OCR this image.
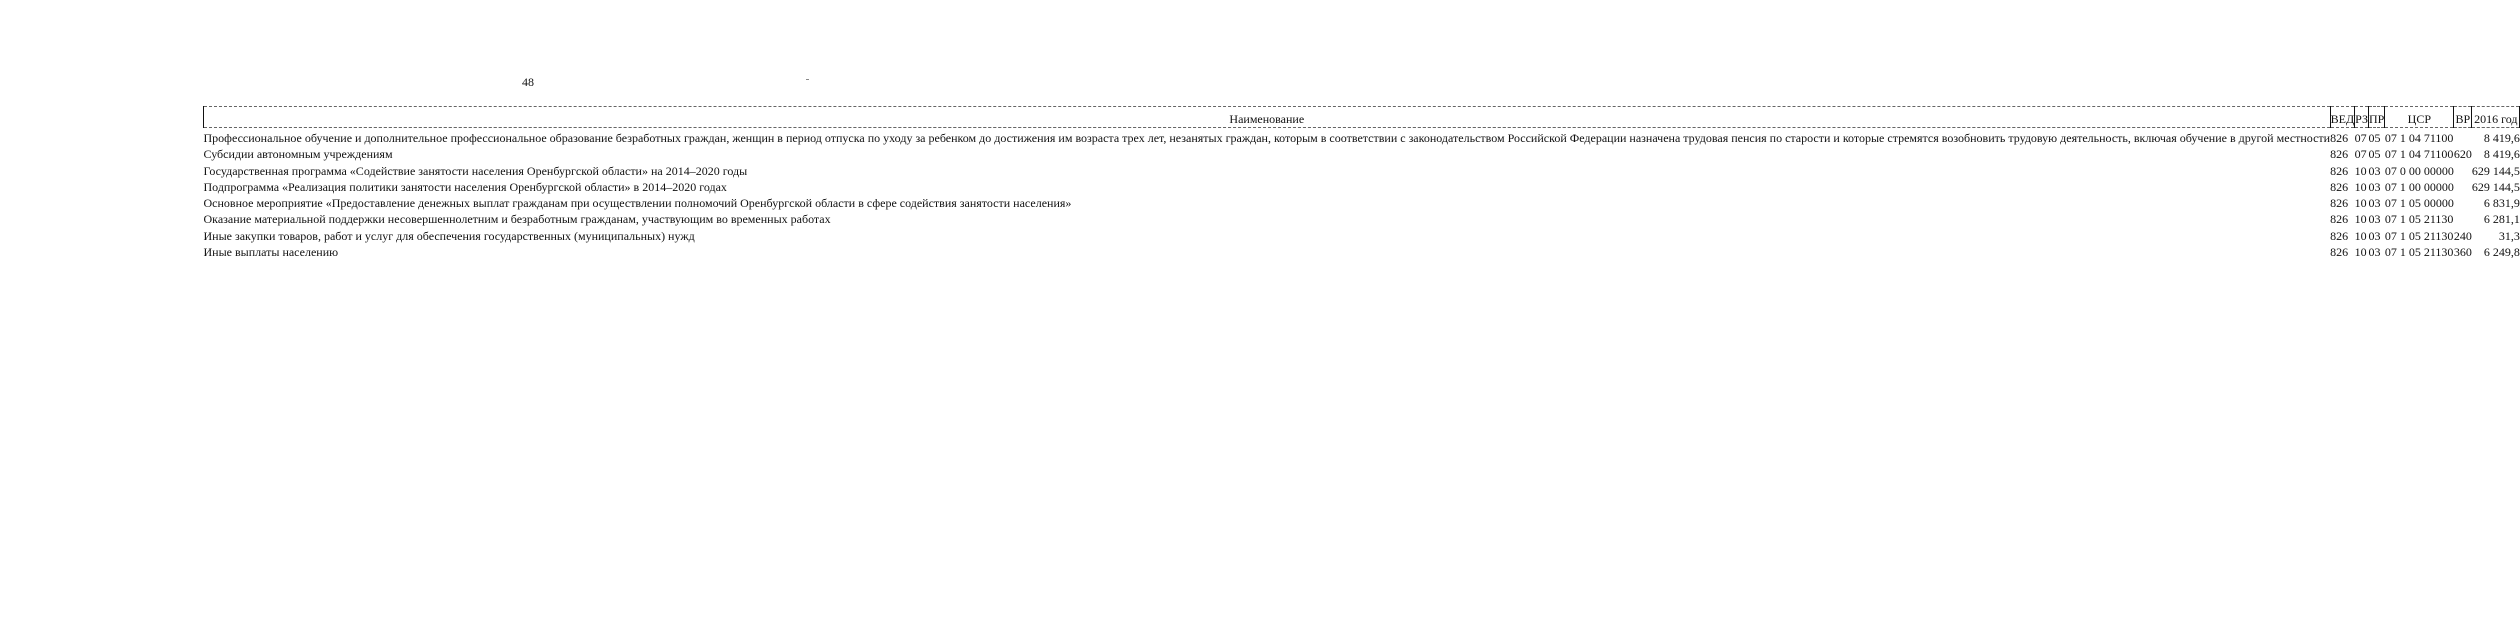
48
Наименование	ВЕД	РЗ	ПР	ЦСР	ВР	2016 год
Профессиональное обучение и дополнительное профессиональное образование безработных граждан, женщин в период отпуска по уходу за ребенком до достижения им возраста трех лет, незанятых граждан, которым в соответствии с законодательством Российской Федерации назначена трудовая пенсия по старости и которые стремятся возобновить трудовую деятельность, включая обучение в другой местности	826	07	05	07 1 04 71100		8 419,6
Субсидии автономным учреждениям	826	07	05	07 1 04 71100	620	8 419,6
Государственная программа «Содействие занятости населения Оренбургской области» на 2014–2020 годы	826	10	03	07 0 00 00000		629 144,5
Подпрограмма «Реализация политики занятости населения Оренбургской области» в 2014–2020 годах	826	10	03	07 1 00 00000		629 144,5
Основное мероприятие «Предоставление денежных выплат гражданам при осуществлении полномочий Оренбургской области в сфере содействия занятости населения»	826	10	03	07 1 05 00000		6 831,9
Оказание материальной поддержки несовершеннолетним и безработным гражданам, участвующим во временных работах	826	10	03	07 1 05 21130		6 281,1
Иные закупки товаров, работ и услуг для обеспечения государственных (муниципальных) нужд	826	10	03	07 1 05 21130	240	31,3
Иные выплаты населению	826	10	03	07 1 05 21130	360	6 249,8
